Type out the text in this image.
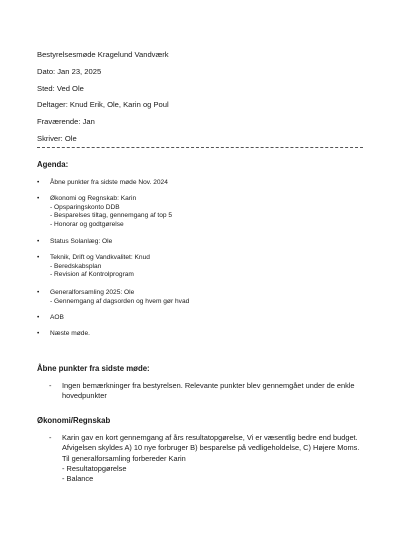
Bestyrelsesmøde Kragelund Vandværk
Dato: Jan 23, 2025
Sted: Ved Ole
Deltager: Knud Erik, Ole, Karin og Poul
Fraværende: Jan
Skriver: Ole
Agenda:
•	Åbne punkter fra sidste møde Nov. 2024
•	Økonomi og Regnskab: Karin
- Opsparingskonto DDB
- Besparelses tiltag, gennemgang af top 5
- Honorar og godtgørelse
•	Status Solanlæg: Ole
•	Teknik, Drift og Vandkvalitet: Knud
- Beredskabsplan
- Revision af Kontrolprogram
•	Generalforsamling 2025: Ole
- Gennemgang af dagsorden og hvem gør hvad
•	AOB
•	Næste møde.
Åbne punkter fra sidste møde:
- Ingen bemærkninger fra bestyrelsen. Relevante punkter blev gennemgået under de enkle
hovedpunkter
Økonomi/Regnskab
- Karin gav en kort gennemgang af års resultatopgørelse, Vi er væsentlig bedre end budget.
Afvigelsen skyldes A) 10 nye forbruger B) besparelse på vedligeholdelse, C) Højere Moms.
Til generalforsamling forbereder Karin
- Resultatopgørelse
- Balance
